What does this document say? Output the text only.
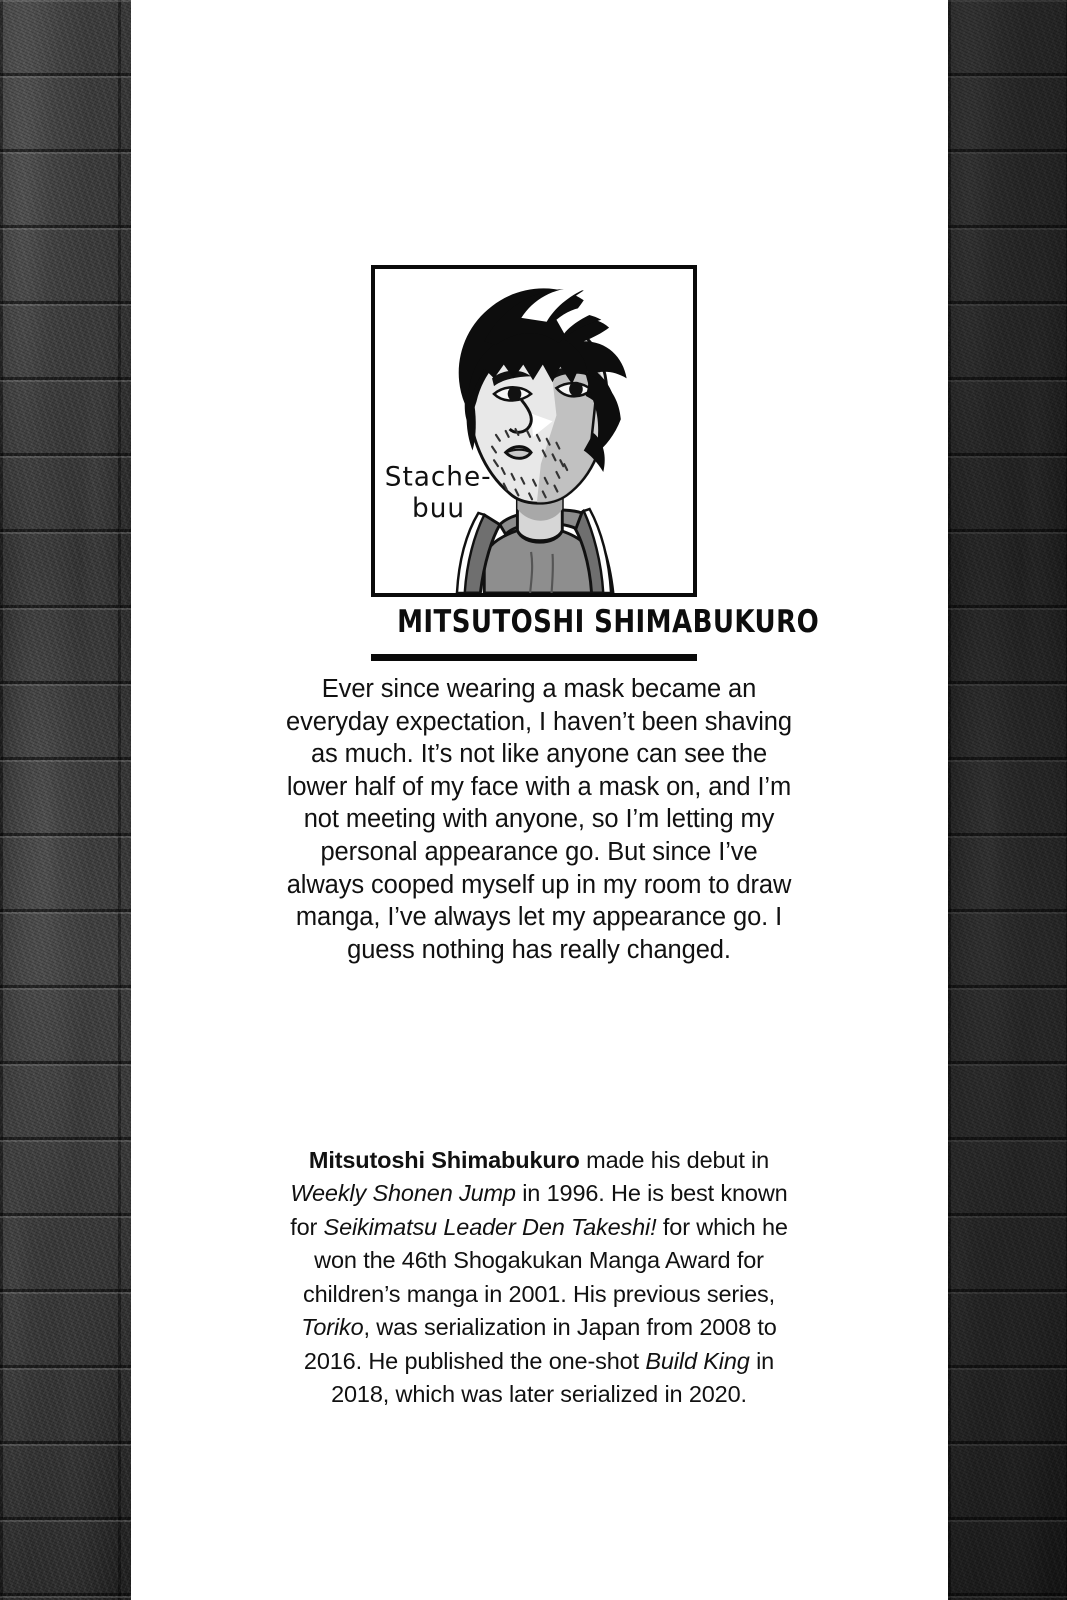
Stache-
buu
MITSUTOSHI SHIMABUKURO
Ever since wearing a mask became an everyday expectation, I haven’t been shaving as much. It’s not like anyone can see the lower half of my face with a mask on, and I’m not meeting with anyone, so I’m letting my personal appearance go. But since I’ve always cooped myself up in my room to draw manga, I’ve always let my appearance go. I guess nothing has really changed.

Mitsutoshi Shimabukuro made his debut in Weekly Shonen Jump in 1996. He is best known for Seikimatsu Leader Den Takeshi! for which he won the 46th Shogakukan Manga Award for children’s manga in 2001. His previous series, Toriko, was serialization in Japan from 2008 to 2016. He published the one-shot Build King in 2018, which was later serialized in 2020.
